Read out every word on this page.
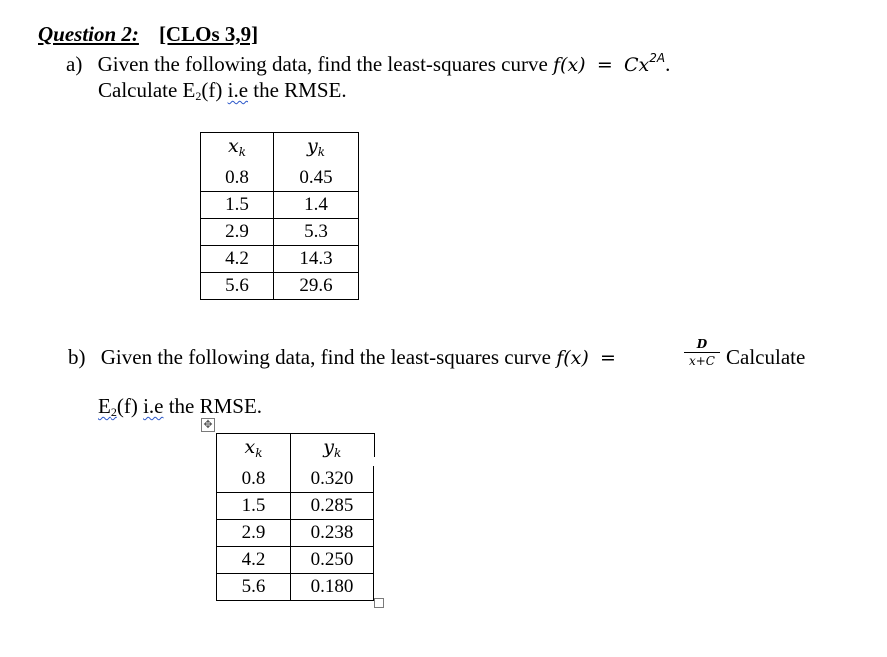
Question 2: [CLOs 3,9]
a) Given the following data, find the least-squares curve $f(x) = Cx^{2A}$.
Calculate $E_2(f)$ i.e the RMSE.
$x_k$	$y_k$
0.8	0.45
1.5	1.4
2.9	5.3
4.2	14.3
5.6	29.6
b) Given the following data, find the least-squares curve f(x) =
D
x+C Calculate
$E_2(f)$ i.e the RMSE.
✥
$x_k$	$y_k$
0.8	0.320
1.5	0.285
2.9	0.238
4.2	0.250
5.6	0.180
